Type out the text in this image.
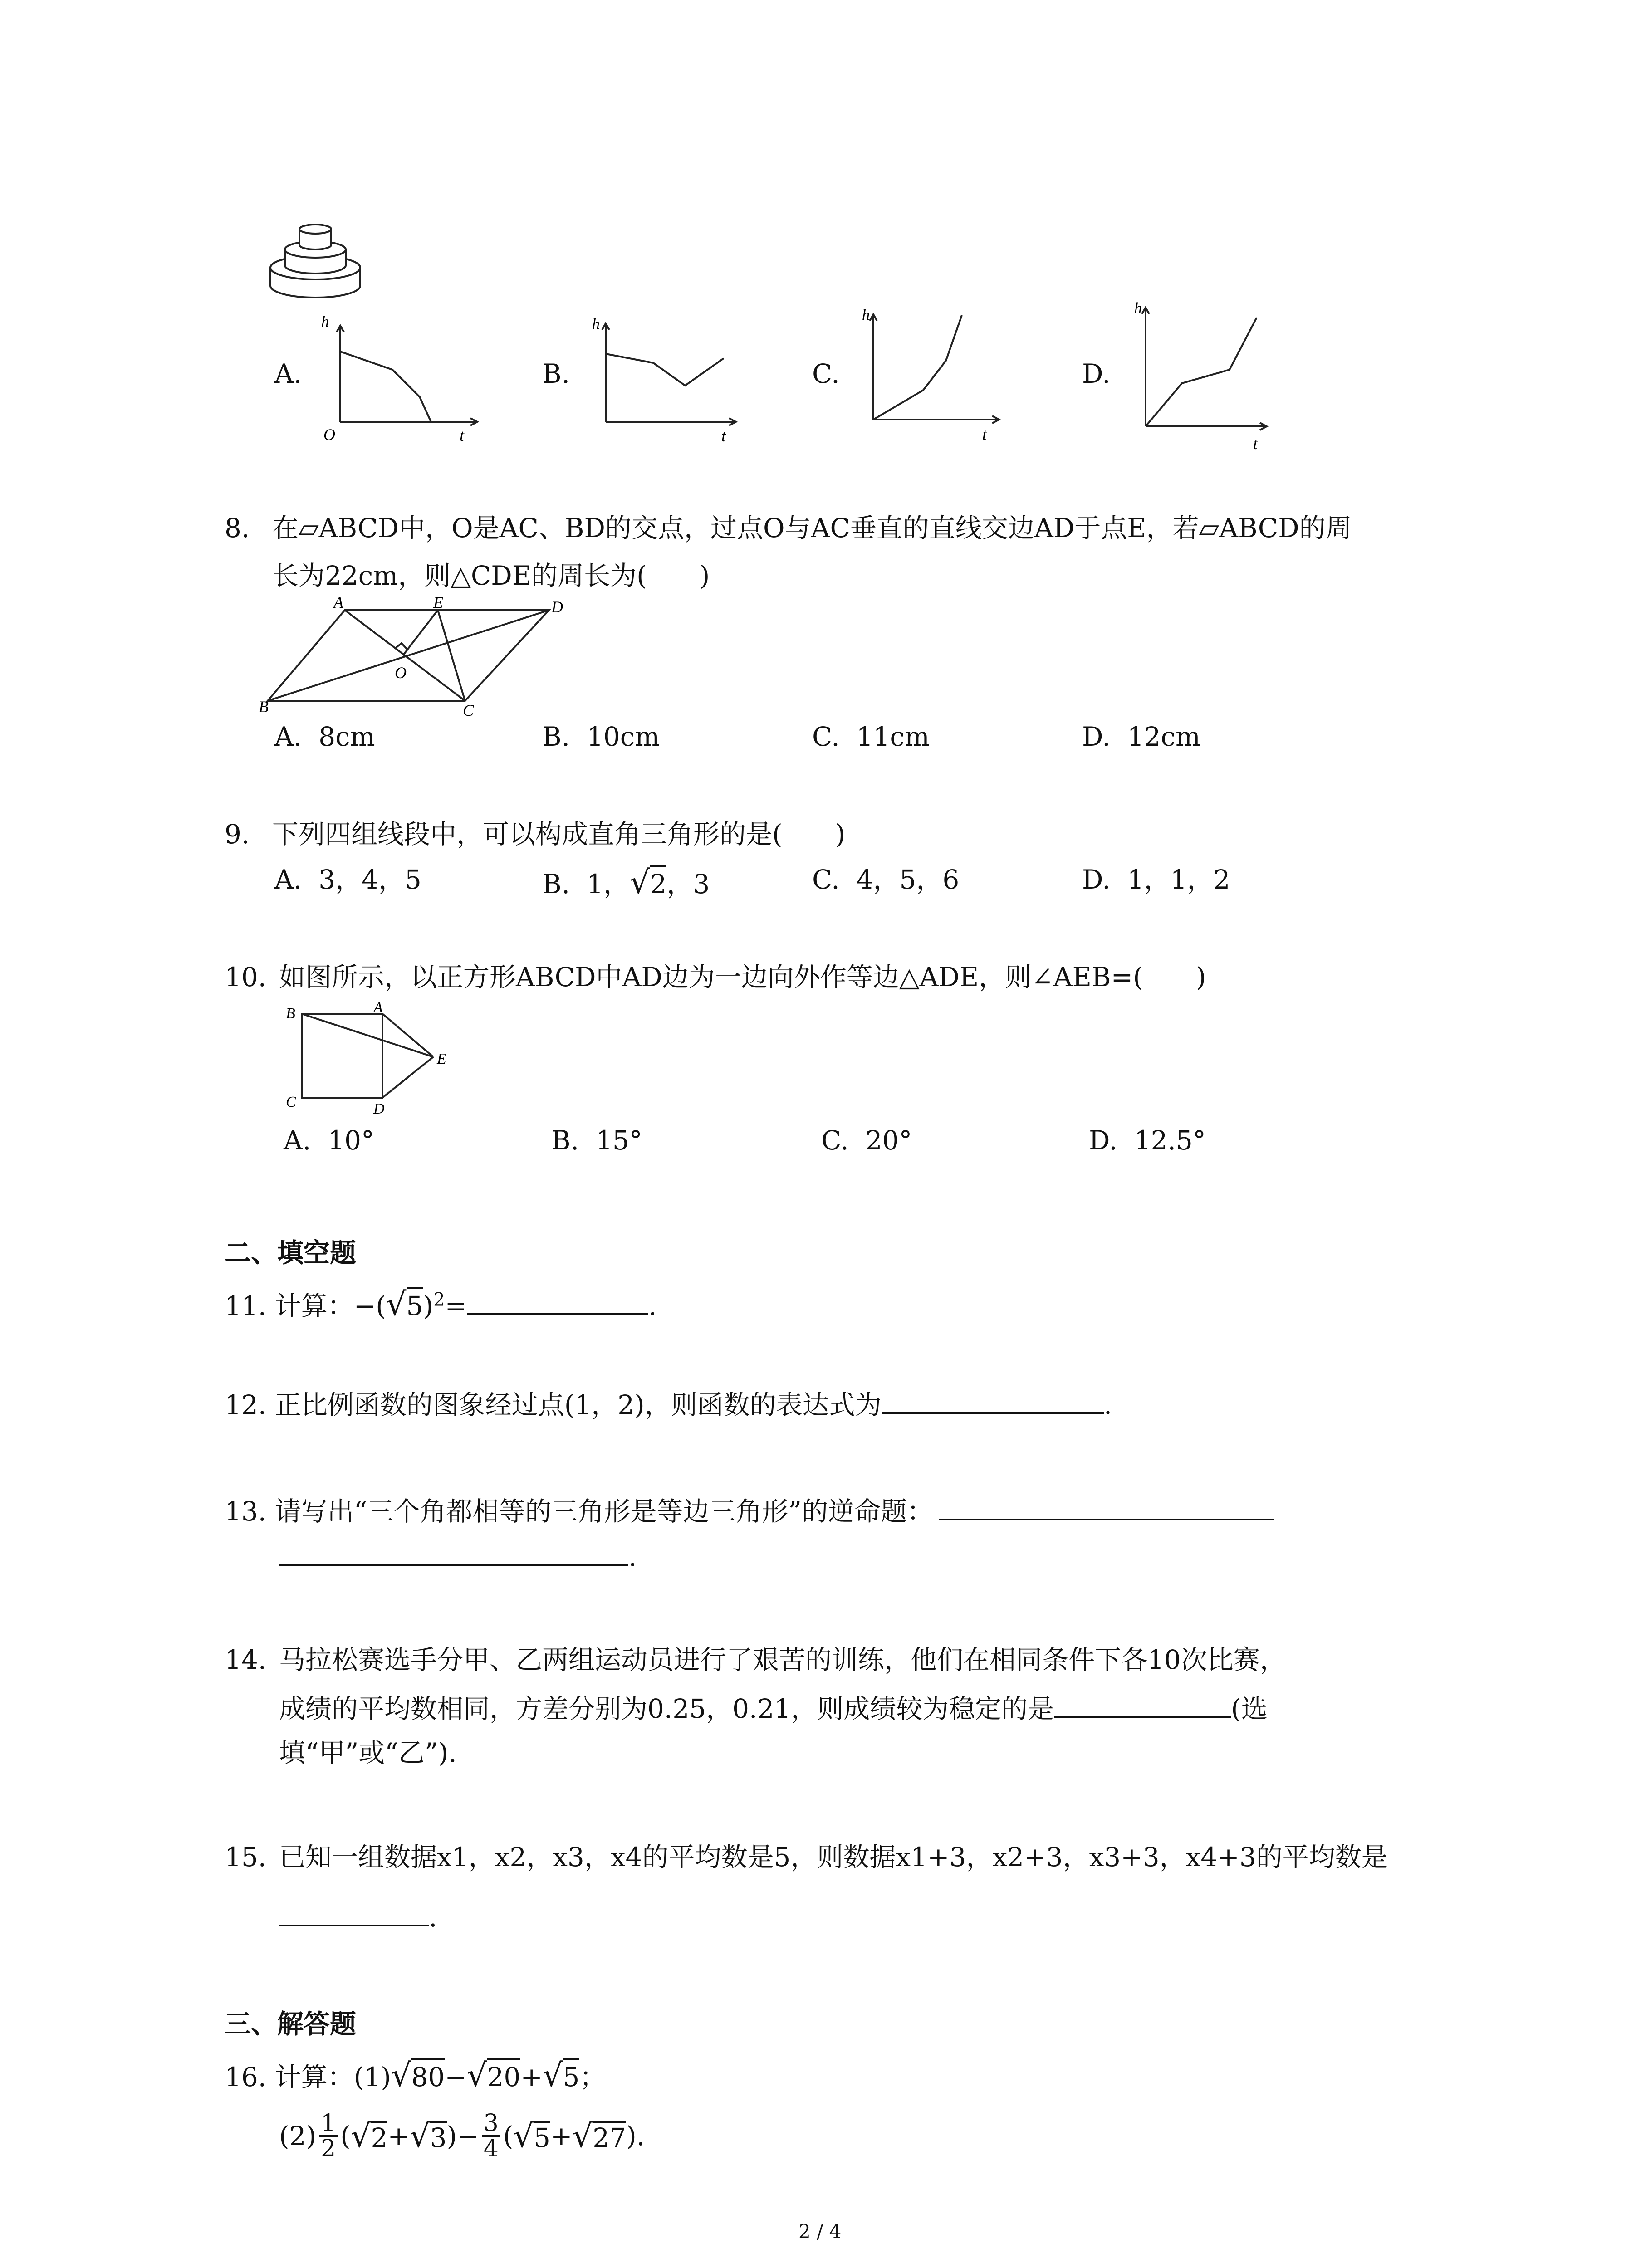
A.
h
O	t
B.
h
t
C.
h
t
D.
h
t
8. 在▱ABCD中，O是AC、BD的交点，过点O与AC垂直的直线交边AD于点E，若▱ABCD的周
长为22cm，则△CDE的周长为(　　)
A	E	D
O
B	C
A. 8cm	B. 10cm	C. 11cm	D. 12cm
9. 下列四组线段中，可以构成直角三角形的是(　　)
A. 3，4，5	B. 1，√2，3	C. 4，5，6	D. 1，1，2
10. 如图所示，以正方形ABCD中AD边为一边向外作等边△ADE，则∠AEB=(　　)
B	A
E
C	D
A. 10°	B. 15°	C. 20°	D. 12.5°
二、填空题
11. 计算：$-(√5)^2=$	.
12. 正比例函数的图象经过点(1，2)，则函数的表达式为	.
13. 请写出“三个角都相等的三角形是等边三角形”的逆命题：
.
14. 马拉松赛选手分甲、乙两组运动员进行了艰苦的训练，他们在相同条件下各10次比赛，
成绩的平均数相同，方差分别为0.25，0.21，则成绩较为稳定的是	(选
填“甲”或“乙”).
15. 已知一组数据x1，x2，x3，x4的平均数是5，则数据x1+3，x2+3，x3+3，x4+3的平均数是
.
三、解答题
16. 计算：(1)√80−√20+√5；
$(2) \frac{1}{2}$ ( √ 2 + √ 3 ) − $\frac{3}{4}$ ( √ 5 + √ 27 ).
2 / 4
